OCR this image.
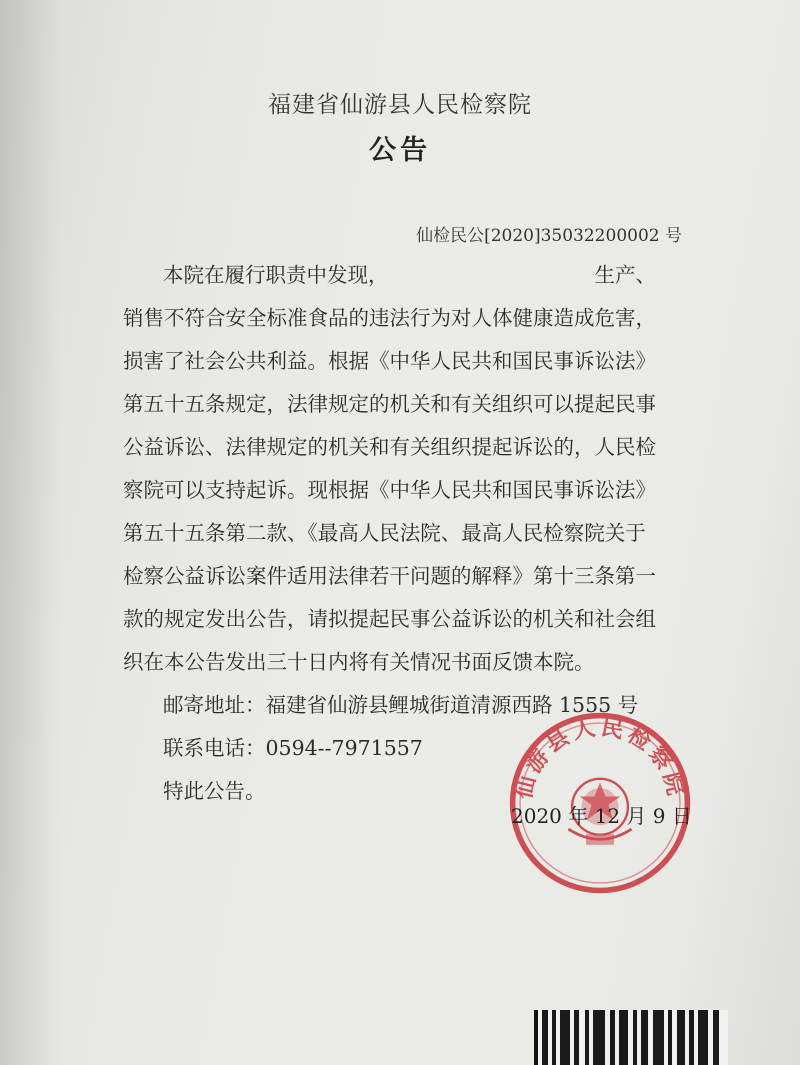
福建省仙游县人民检察院
公告
仙检民公[2020]35032200002 号
本院在履行职责中发现，	生产、
销售不符合安全标准食品的违法行为对人体健康造成危害，
损害了社会公共利益。根据《中华人民共和国民事诉讼法》
第五十五条规定，法律规定的机关和有关组织可以提起民事
公益诉讼、法律规定的机关和有关组织提起诉讼的，人民检
察院可以支持起诉。现根据《中华人民共和国民事诉讼法》
第五十五条第二款、《最高人民法院、最高人民检察院关于
检察公益诉讼案件适用法律若干问题的解释》第十三条第一
款的规定发出公告，请拟提起民事公益诉讼的机关和社会组
织在本公告发出三十日内将有关情况书面反馈本院。
邮寄地址：福建省仙游县鲤城街道清源西路 1555 号
联系电话：0594--7971557
特此公告。	仙游县人民检察院
2020 年 12 月 9 日
